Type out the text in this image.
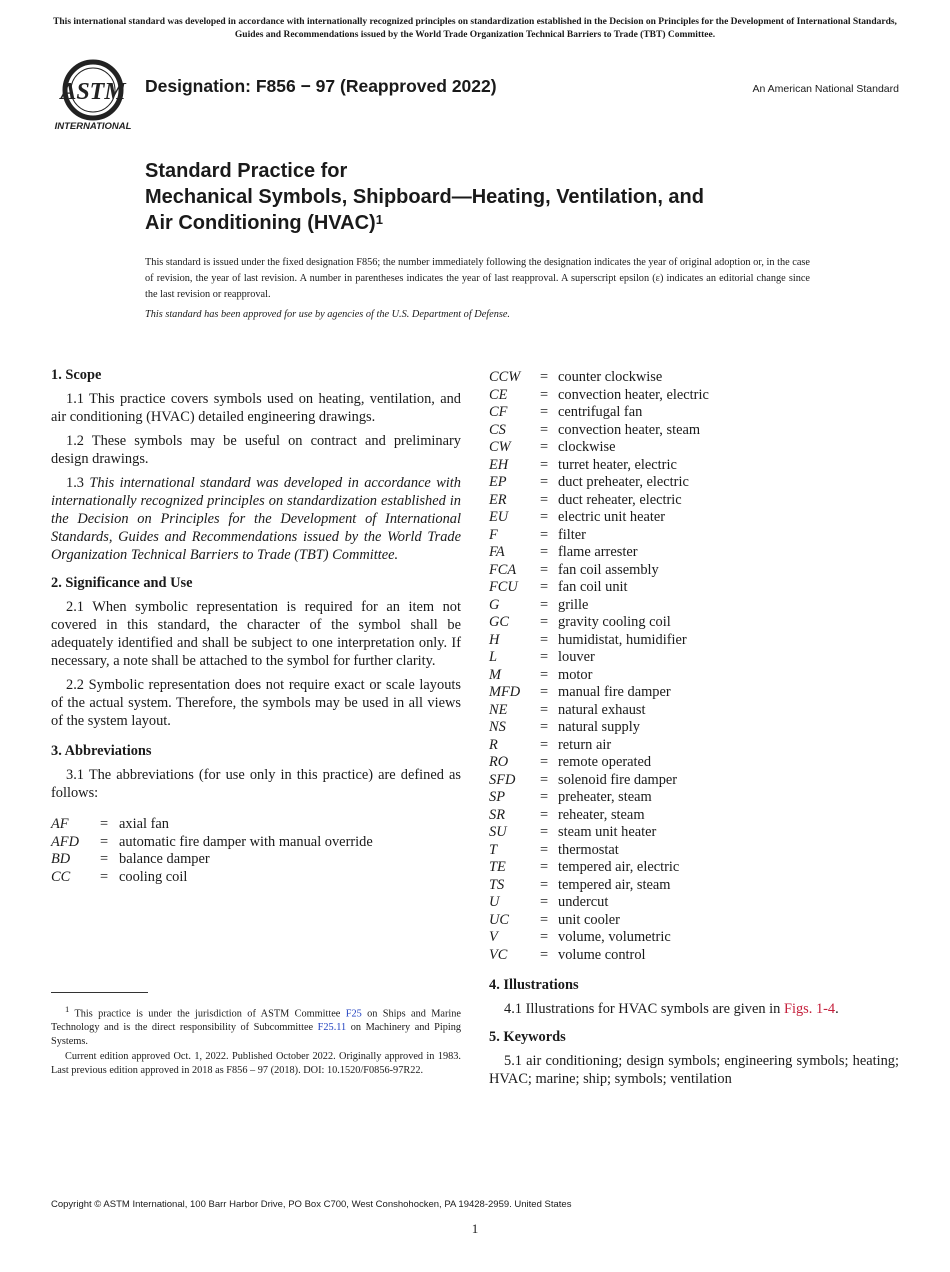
This international standard was developed in accordance with internationally recognized principles on standardization established in the Decision on Principles for the Development of International Standards, Guides and Recommendations issued by the World Trade Organization Technical Barriers to Trade (TBT) Committee.
ASTM
INTERNATIONAL
Designation: F856 − 97 (Reapproved 2022)	An American National Standard
Standard Practice for
Mechanical Symbols, Shipboard—Heating, Ventilation, and
Air Conditioning (HVAC)$^1$
This standard is issued under the fixed designation F856; the number immediately following the designation indicates the year of original adoption or, in the case of revision, the year of last revision. A number in parentheses indicates the year of last reapproval. A superscript epsilon (ε) indicates an editorial change since the last revision or reapproval.
This standard has been approved for use by agencies of the U.S. Department of Defense.
1. Scope

1.1 This practice covers symbols used on heating, ventilation, and air conditioning (HVAC) detailed engineering drawings.

1.2 These symbols may be useful on contract and preliminary design drawings.

1.3 This international standard was developed in accordance with internationally recognized principles on standardization established in the Decision on Principles for the Development of International Standards, Guides and Recommendations issued by the World Trade Organization Technical Barriers to Trade (TBT) Committee.

2. Significance and Use

2.1 When symbolic representation is required for an item not covered in this standard, the character of the symbol shall be adequately identified and shall be subject to one interpretation only. If necessary, a note shall be attached to the symbol for further clarity.

2.2 Symbolic representation does not require exact or scale layouts of the actual system. Therefore, the symbols may be used in all views of the system layout.

3. Abbreviations

3.1 The abbreviations (for use only in this practice) are defined as follows:

AF	= axial fan
AFD	= automatic fire damper with manual override
BD	= balance damper
CC	= cooling coil

$^1$ This practice is under the jurisdiction of ASTM Committee F25 on Ships and Marine Technology and is the direct responsibility of Subcommittee F25.11 on Machinery and Piping Systems.

Current edition approved Oct. 1, 2022. Published October 2022. Originally approved in 1983. Last previous edition approved in 2018 as F856 – 97 (2018). DOI: 10.1520/F0856-97R22.

CCW	= counter clockwise
CE	= convection heater, electric
CF	= centrifugal fan
CS	= convection heater, steam
CW	= clockwise
EH	= turret heater, electric
EP	= duct preheater, electric
ER	= duct reheater, electric
EU	= electric unit heater
F	= filter
FA	= flame arrester
FCA	= fan coil assembly
FCU	= fan coil unit
G	= grille
GC	= gravity cooling coil
H	= humidistat, humidifier
L	= louver
M	= motor
MFD	= manual fire damper
NE	= natural exhaust
NS	= natural supply
R	= return air
RO	= remote operated
SFD	= solenoid fire damper
SP	= preheater, steam
SR	= reheater, steam
SU	= steam unit heater
T	= thermostat
TE	= tempered air, electric
TS	= tempered air, steam
U	= undercut
UC	= unit cooler
V	= volume, volumetric
VC	= volume control
4. Illustrations

4.1 Illustrations for HVAC symbols are given in Figs. 1-4.

5. Keywords

5.1 air conditioning; design symbols; engineering symbols; heating; HVAC; marine; ship; symbols; ventilation

Copyright © ASTM International, 100 Barr Harbor Drive, PO Box C700, West Conshohocken, PA 19428-2959. United States
1
